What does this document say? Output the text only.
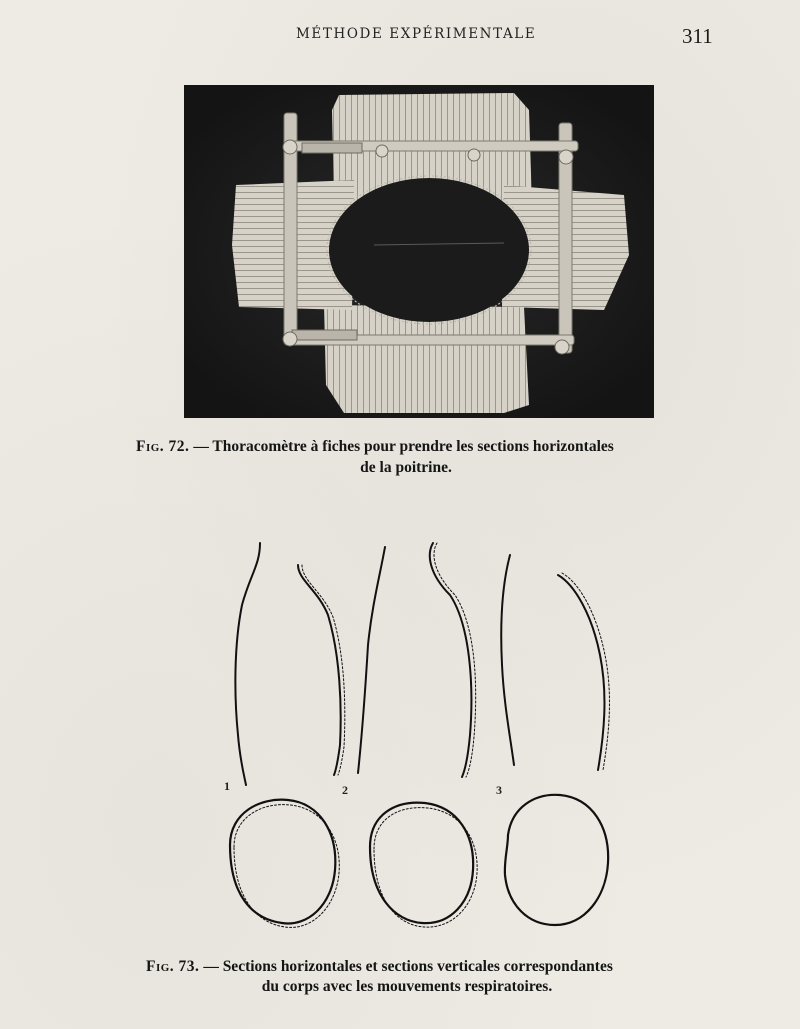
MÉTHODE EXPÉRIMENTALE	311
Fig. 72. — Thoracomètre à fiches pour prendre les sections horizontales
de la poitrine.
1	2	3
Fig. 73. — Sections horizontales et sections verticales correspondantes
du corps avec les mouvements respiratoires.
